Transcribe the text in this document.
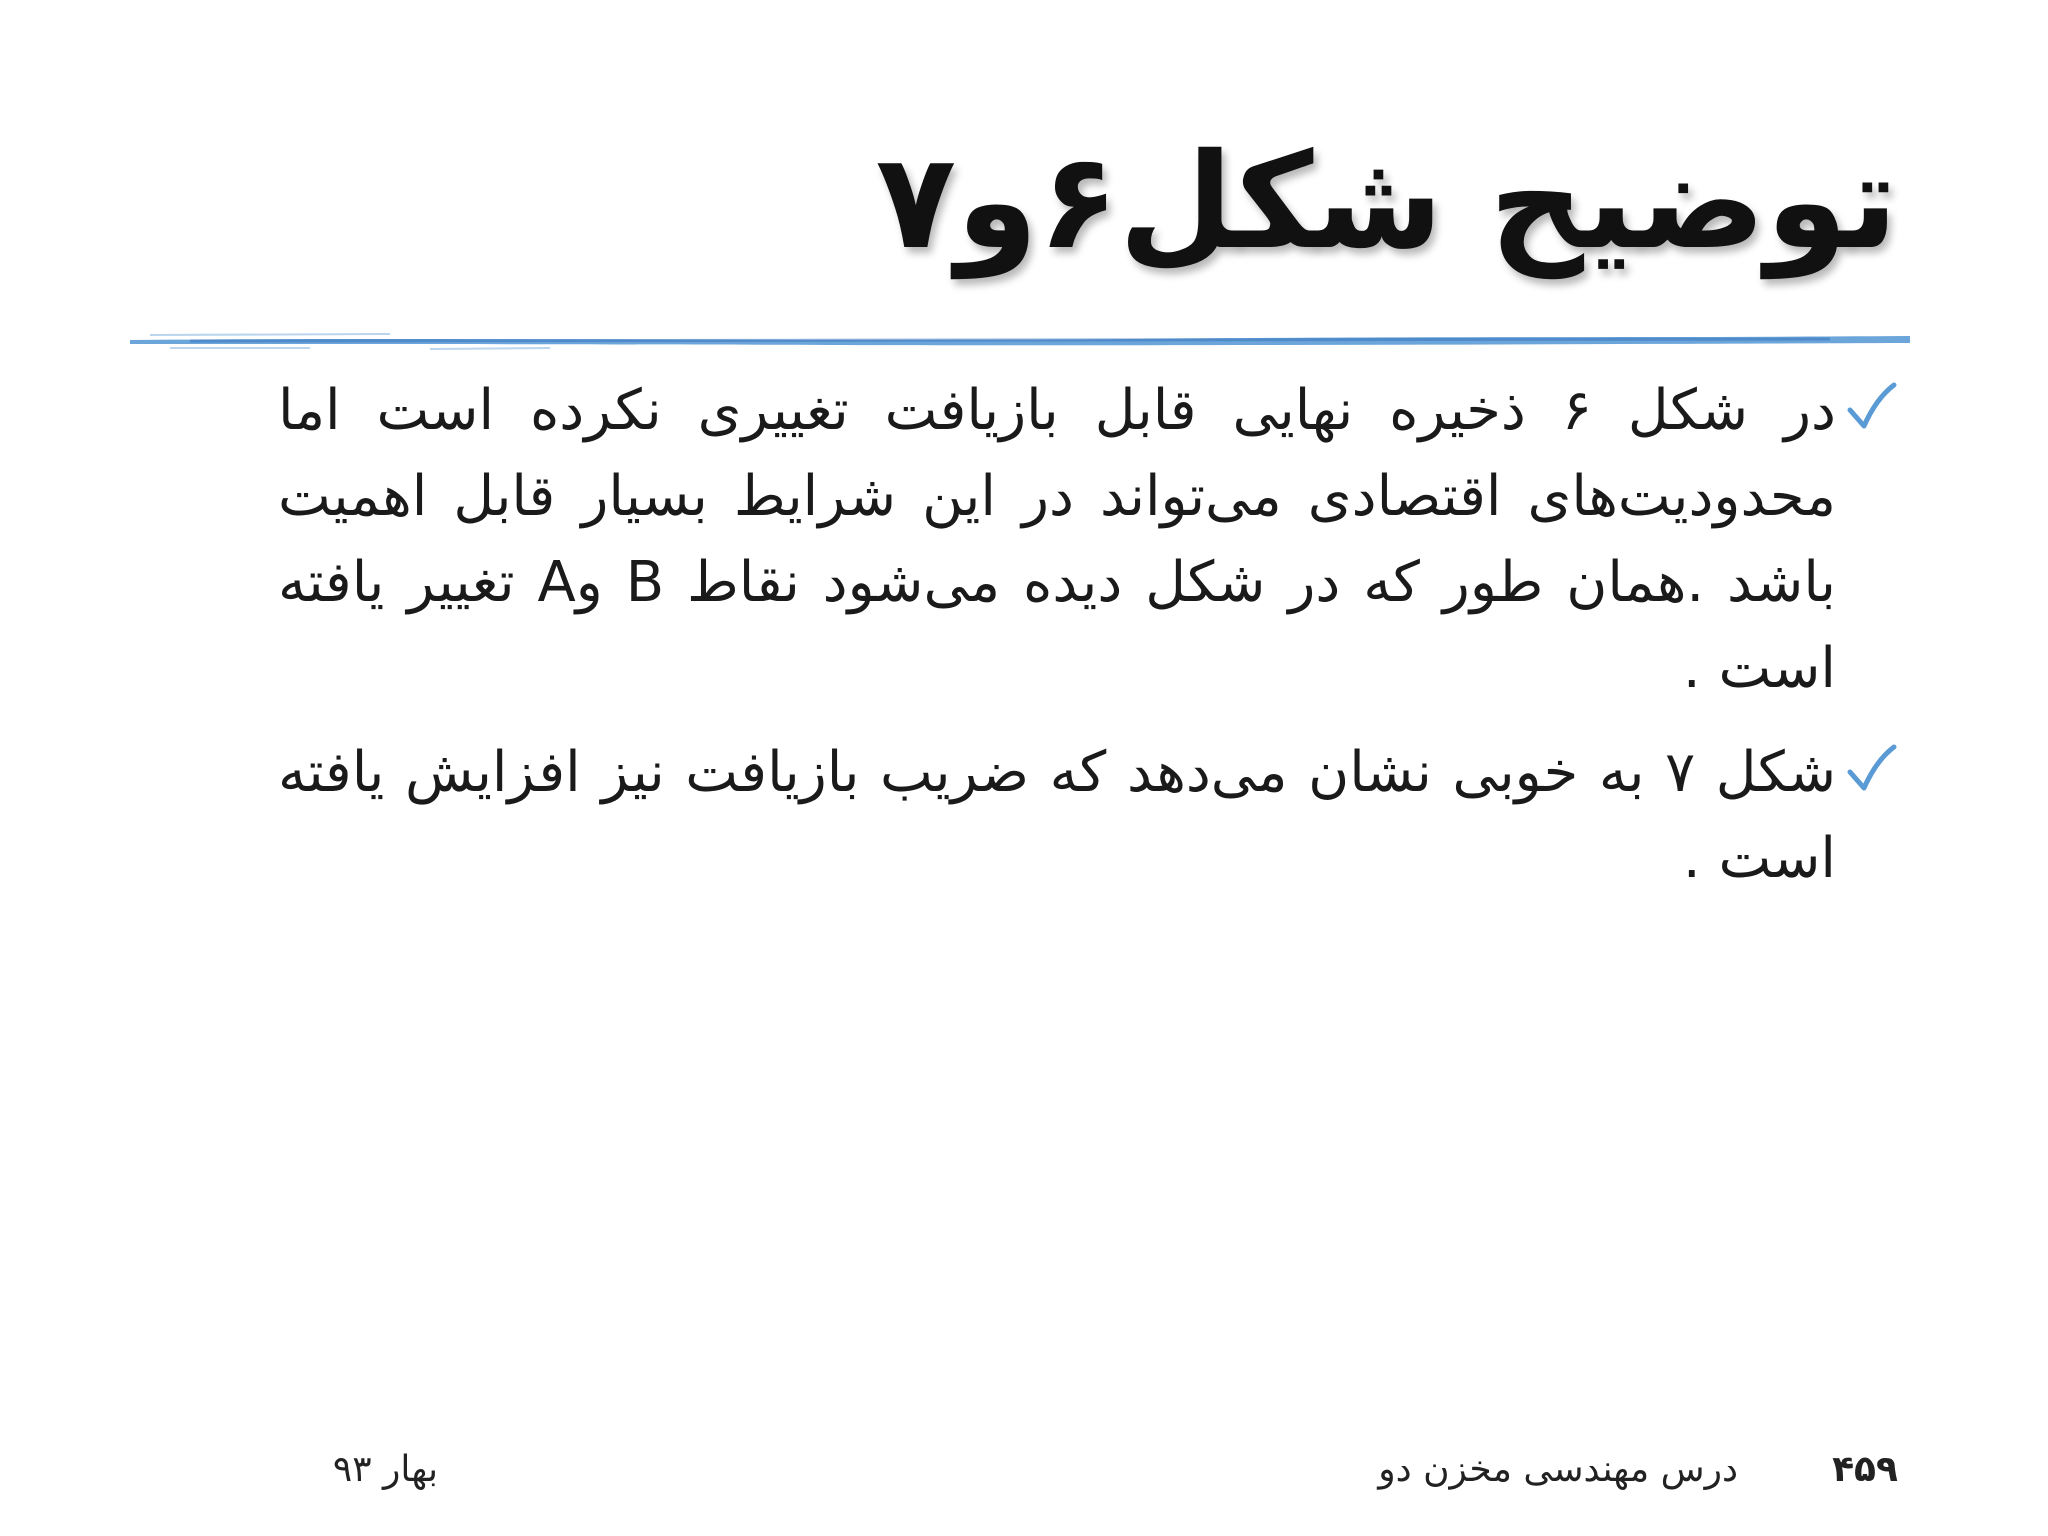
توضیح شکل۶و۷
در شکل ۶ ذخیره نهایی قابل بازیافت تغییری نکرده است اما محدودیت‌های اقتصادی می‌تواند در این شرایط بسیار قابل اهمیت باشد .همان طور که در شکل دیده می‌شود نقاط B وA تغییر یافته است .
شکل ۷ به خوبی نشان می‌دهد که ضریب بازیافت نیز افزایش یافته است .
۴۵۹
درس مهندسی مخزن دو
بهار ۹۳
